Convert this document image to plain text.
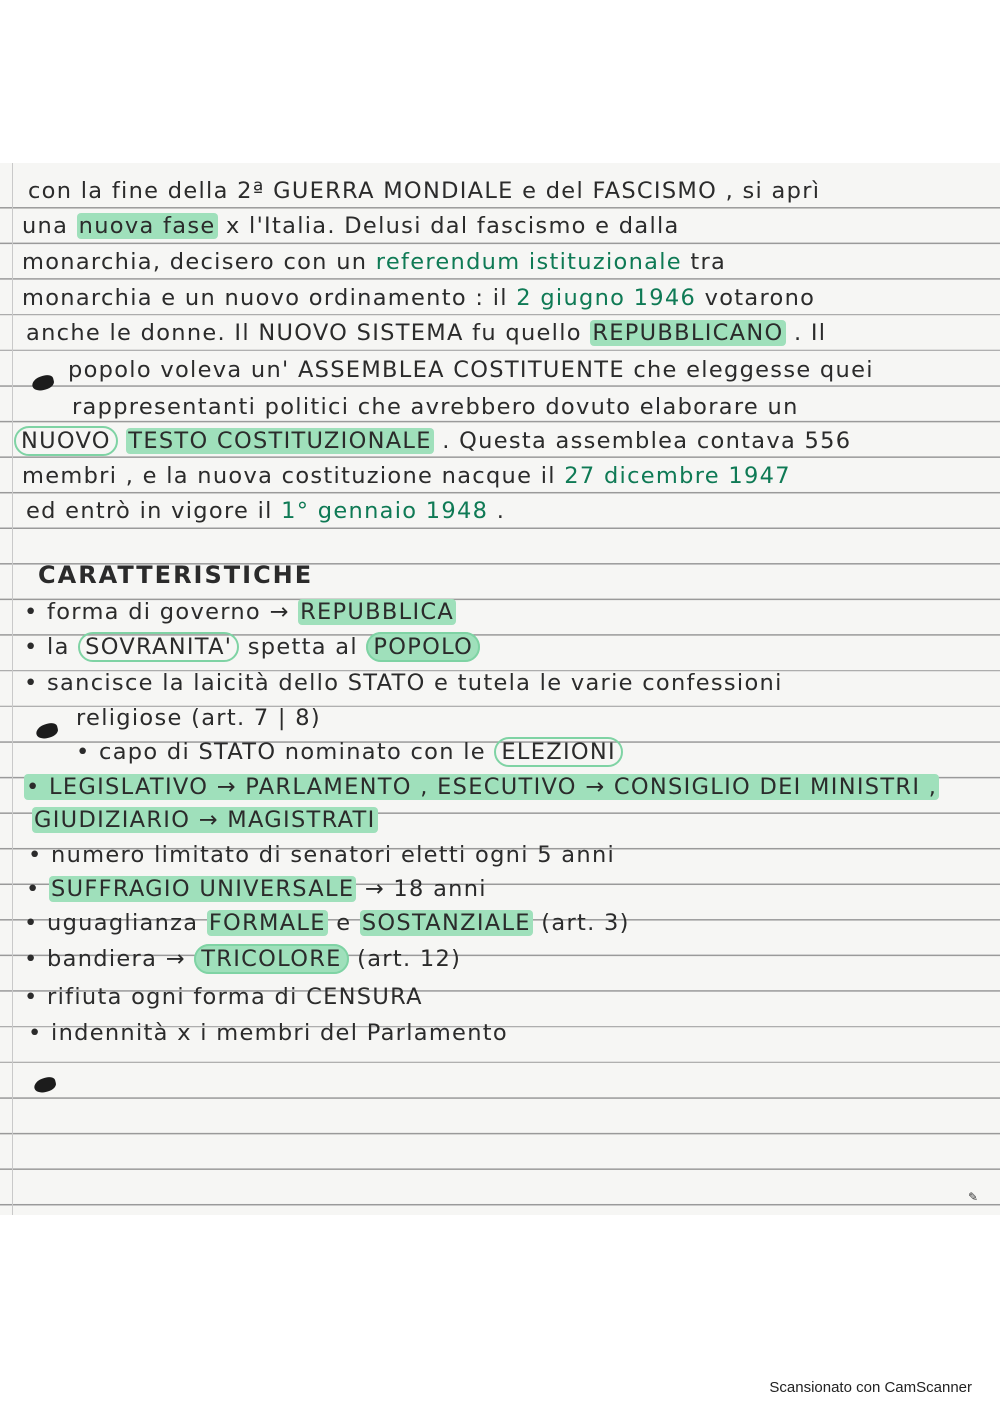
con la fine della 2ª GUERRA MONDIALE e del FASCISMO , si aprì
una nuova fase x l'Italia. Delusi dal fascismo e dalla
monarchia, decisero con un referendum istituzionale tra
monarchia e un nuovo ordinamento : il 2 giugno 1946 votarono
anche le donne. Il NUOVO SISTEMA fu quello REPUBBLICANO . Il
popolo voleva un' ASSEMBLEA COSTITUENTE che eleggesse quei
rappresentanti politici che avrebbero dovuto elaborare un
NUOVO TESTO COSTITUZIONALE . Questa assemblea contava 556
membri , e la nuova costituzione nacque il 27 dicembre 1947
ed entrò in vigore il 1° gennaio 1948 .
CARATTERISTICHE
• forma di governo → REPUBBLICA
• la SOVRANITA' spetta al POPOLO
• sancisce la laicità dello STATO e tutela le varie confessioni
religiose (art. 7 | 8)
• capo di STATO nominato con le ELEZIONI
• LEGISLATIVO → PARLAMENTO , ESECUTIVO → CONSIGLIO DEI MINISTRI ,
GIUDIZIARIO → MAGISTRATI
• numero limitato di senatori eletti ogni 5 anni
• SUFFRAGIO UNIVERSALE → 18 anni
• uguaglianza FORMALE e SOSTANZIALE (art. 3)
• bandiera → TRICOLORE (art. 12)
• rifiuta ogni forma di CENSURA
• indennità x i membri del Parlamento
✎
Scansionato con CamScanner
